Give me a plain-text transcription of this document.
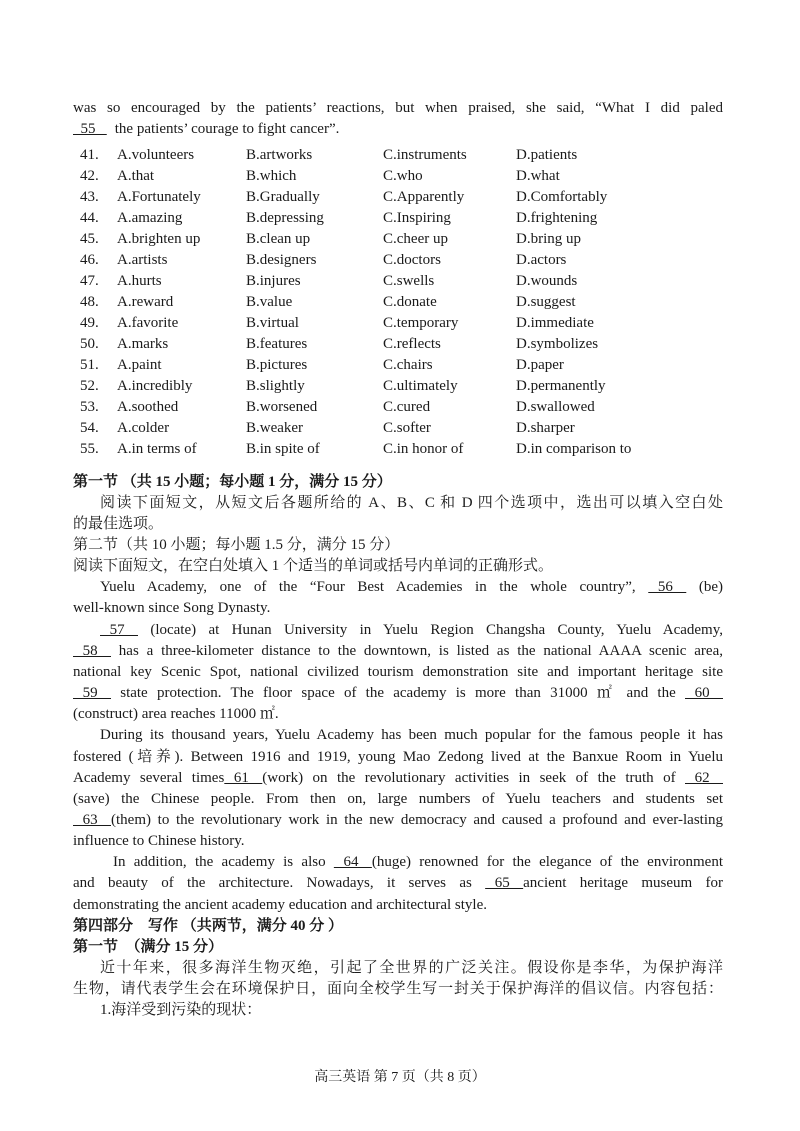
was so encouraged by the patients’ reactions, but when praised, she said, “What I did paled
55    the patients’ courage to fight cancer”.
41. A.volunteers	B.artworks	C.instruments	D.patients
42. A.that	B.which	C.who	D.what
43. A.Fortunately	B.Gradually	C.Apparently	D.Comfortably
44. A.amazing	B.depressing	C.Inspiring	D.frightening
45. A.brighten up	B.clean up	C.cheer up	D.bring up
46. A.artists	B.designers	C.doctors	D.actors
47. A.hurts	B.injures	C.swells	D.wounds
48. A.reward	B.value	C.donate	D.suggest
49. A.favorite	B.virtual	C.temporary	D.immediate
50. A.marks	B.features	C.reflects	D.symbolizes
51. A.paint	B.pictures	C.chairs	D.paper
52. A.incredibly	B.slightly	C.ultimately	D.permanently
53. A.soothed	B.worsened	C.cured	D.swallowed
54. A.colder	B.weaker	C.softer	D.sharper
55. A.in terms of	B.in spite of	C.in honor of	D.in comparison to
第一节 （共 15 小题；每小题 1 分，满分 15 分）
阅读下面短文，从短文后各题所给的 A、B、C 和 D 四个选项中，选出可以填入空白处
的最佳选项。
第二节（共 10 小题；每小题 1.5 分，满分 15 分）
阅读下面短文，在空白处填入 1 个适当的单词或括号内单词的正确形式。
Yuelu Academy, one of the “Four Best Academies in the whole country”,   56    (be)
well-known since Song Dynasty.
57    (locate) at Hunan University in Yuelu Region Changsha County, Yuelu Academy,
58    has a three-kilometer distance to the downtown, is listed as the national AAAA scenic area,
national key Scenic Spot, national civilized tourism demonstration site and important heritage site
59    state protection. The floor space of the academy is more than 31000 ㎡ and the   60
(construct) area reaches 11000 ㎡.
During its thousand years, Yuelu Academy has been much popular for the famous people it has
fostered (培养). Between 1916 and 1919, young Mao Zedong lived at the Banxue Room in Yuelu
Academy several times  61   (work) on the revolutionary activities in seek of the truth of   62
(save) the Chinese people. From then on, large numbers of Yuelu teachers and students set
63   (them) to the revolutionary work in the new democracy and caused a profound and ever-lasting
influence to Chinese history.
In addition, the academy is also   64   (huge) renowned for the elegance of the environment
and beauty of the architecture. Nowadays, it serves as   65   ancient heritage museum for
demonstrating the ancient academy education and architectural style.
第四部分　写作 （共两节，满分 40 分 ）
第一节　（满分 15 分）
近十年来，很多海洋生物灭绝，引起了全世界的广泛关注。假设你是李华，为保护海洋
生物，请代表学生会在环境保护日，面向全校学生写一封关于保护海洋的倡议信。内容包括：
1.海洋受到污染的现状：
高三英语 第 7 页（共 8 页）
